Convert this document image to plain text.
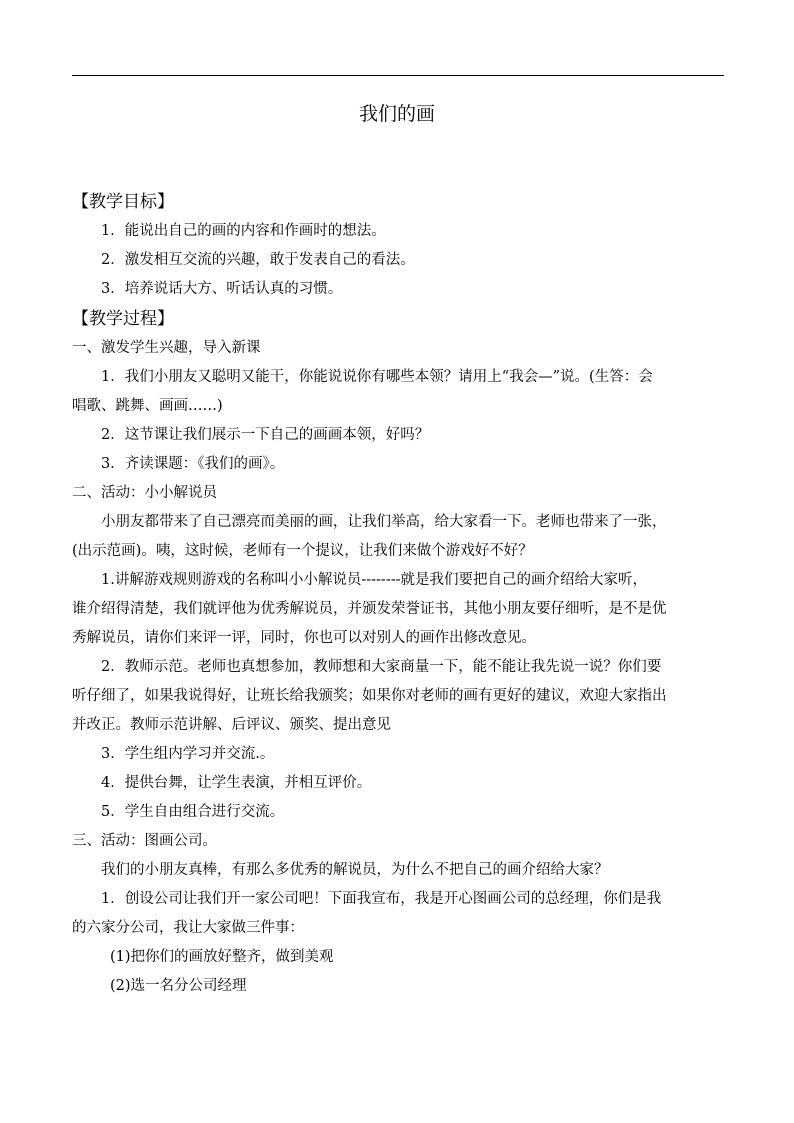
我们的画

【教学目标】

1．能说出自己的画的内容和作画时的想法。

2．激发相互交流的兴趣，敢于发表自己的看法。

3．培养说话大方、听话认真的习惯。

【教学过程】

一、激发学生兴趣，导入新课

1．我们小朋友又聪明又能干，你能说说你有哪些本领？请用上“我会—”说。(生答：会

唱歌、跳舞、画画……)

2．这节课让我们展示一下自己的画画本领，好吗？

3．齐读课题：《我们的画》。

二、活动：小小解说员

小朋友都带来了自己漂亮而美丽的画，让我们举高，给大家看一下。老师也带来了一张，

(出示范画)。咦，这时候，老师有一个提议，让我们来做个游戏好不好？

1.讲解游戏规则游戏的名称叫小小解说员--------就是我们要把自己的画介绍给大家听，

谁介绍得清楚，我们就评他为优秀解说员，并颁发荣誉证书，其他小朋友要仔细听，是不是优

秀解说员，请你们来评一评，同时，你也可以对别人的画作出修改意见。

2．教师示范。老师也真想参加，教师想和大家商量一下，能不能让我先说一说？你们要

听仔细了，如果我说得好，让班长给我颁奖；如果你对老师的画有更好的建议，欢迎大家指出

并改正。教师示范讲解、后评议、颁奖、提出意见

3．学生组内学习并交流.。

4．提供台舞，让学生表演，并相互评价。

5．学生自由组合进行交流。

三、活动：图画公司。

我们的小朋友真棒，有那么多优秀的解说员，为什么不把自己的画介绍给大家？

1．创设公司让我们开一家公司吧！下面我宣布，我是开心图画公司的总经理，你们是我

的六家分公司，我让大家做三件事：

(1)把你们的画放好整齐，做到美观

(2)选一名分公司经理
